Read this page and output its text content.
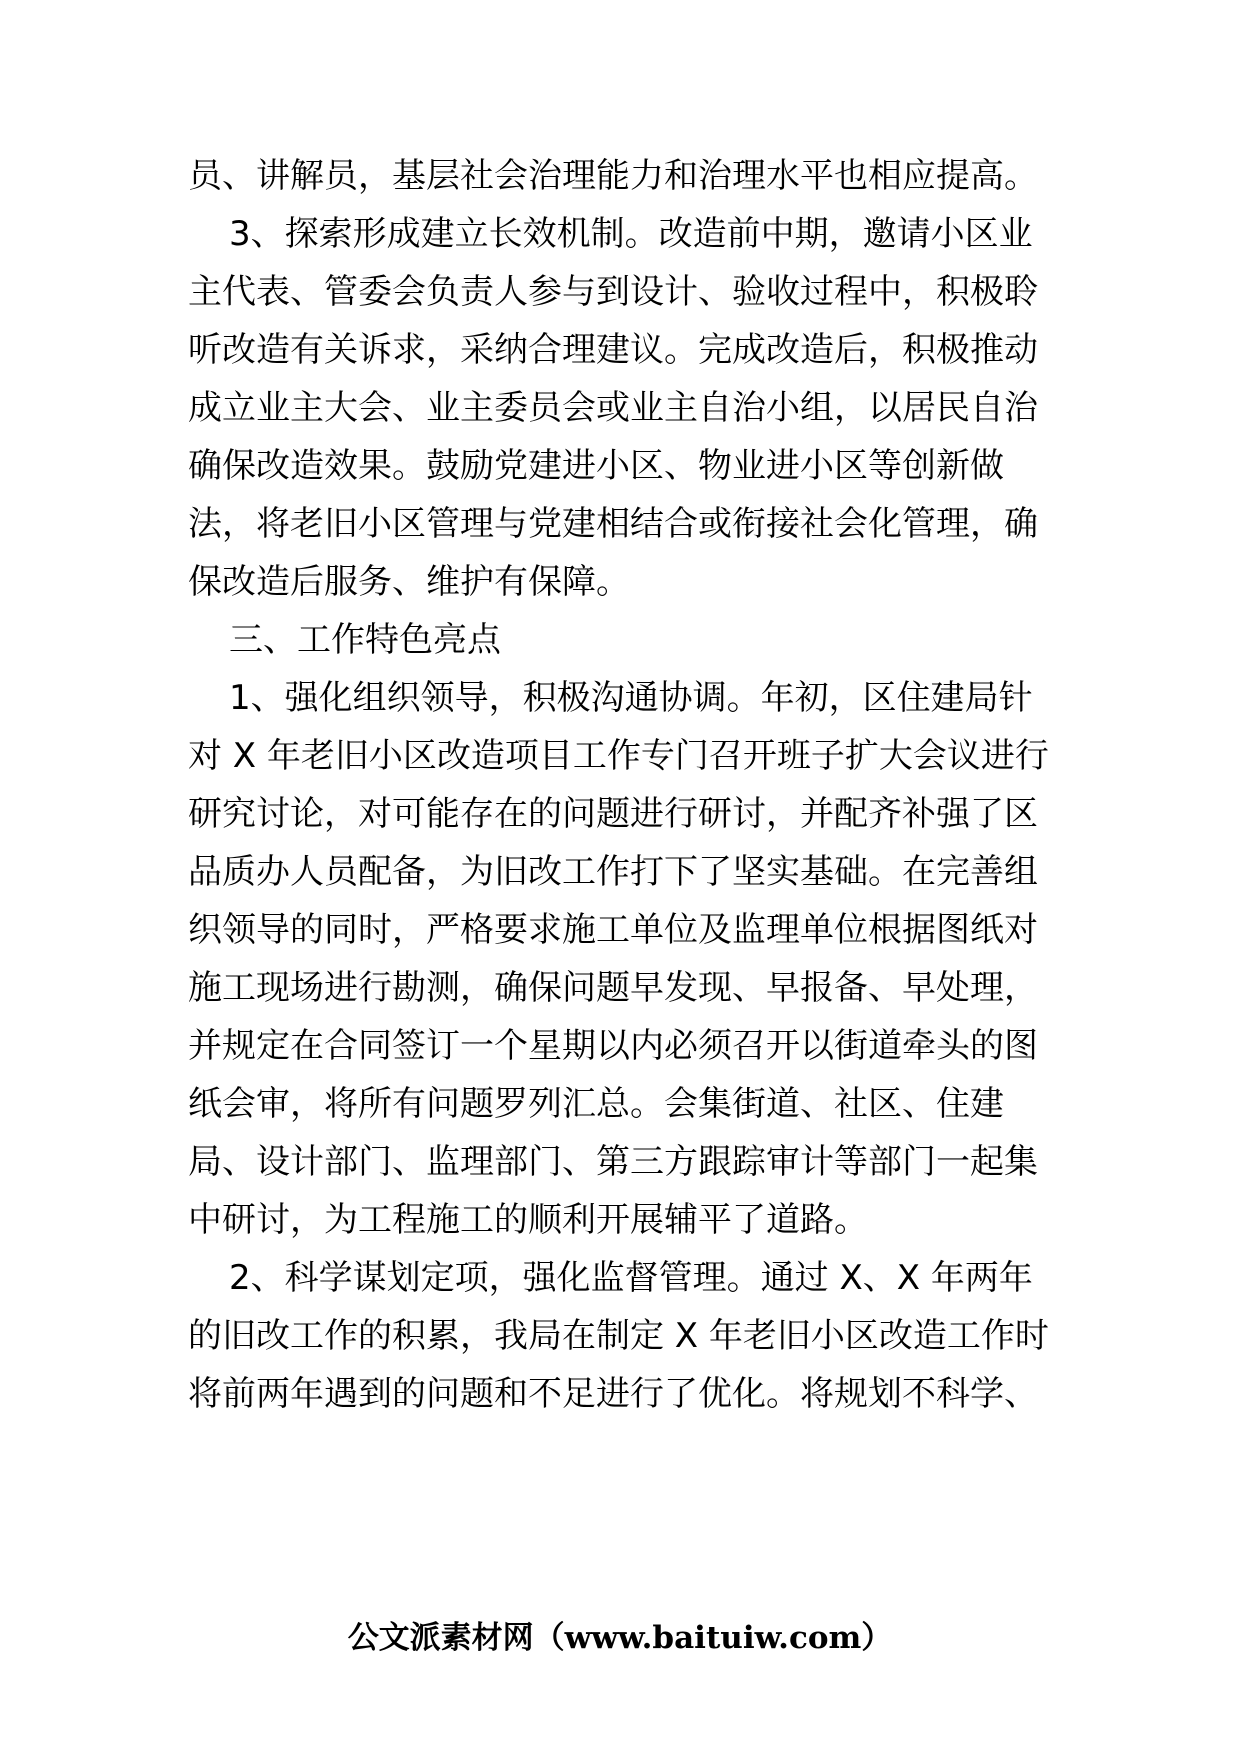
员、讲解员，基层社会治理能力和治理水平也相应提高。
3、探索形成建立长效机制。改造前中期，邀请小区业
主代表、管委会负责人参与到设计、验收过程中，积极聆
听改造有关诉求，采纳合理建议。完成改造后，积极推动
成立业主大会、业主委员会或业主自治小组，以居民自治
确保改造效果。鼓励党建进小区、物业进小区等创新做
法，将老旧小区管理与党建相结合或衔接社会化管理，确
保改造后服务、维护有保障。
三、工作特色亮点
1、强化组织领导，积极沟通协调。年初，区住建局针
对 X 年老旧小区改造项目工作专门召开班子扩大会议进行
研究讨论，对可能存在的问题进行研讨，并配齐补强了区
品质办人员配备，为旧改工作打下了坚实基础。在完善组
织领导的同时，严格要求施工单位及监理单位根据图纸对
施工现场进行勘测，确保问题早发现、早报备、早处理，
并规定在合同签订一个星期以内必须召开以街道牵头的图
纸会审，将所有问题罗列汇总。会集街道、社区、住建
局、设计部门、监理部门、第三方跟踪审计等部门一起集
中研讨，为工程施工的顺利开展辅平了道路。
2、科学谋划定项，强化监督管理。通过 X、X 年两年
的旧改工作的积累，我局在制定 X 年老旧小区改造工作时
将前两年遇到的问题和不足进行了优化。将规划不科学、
公文派素材网（www.baituiw.com）
